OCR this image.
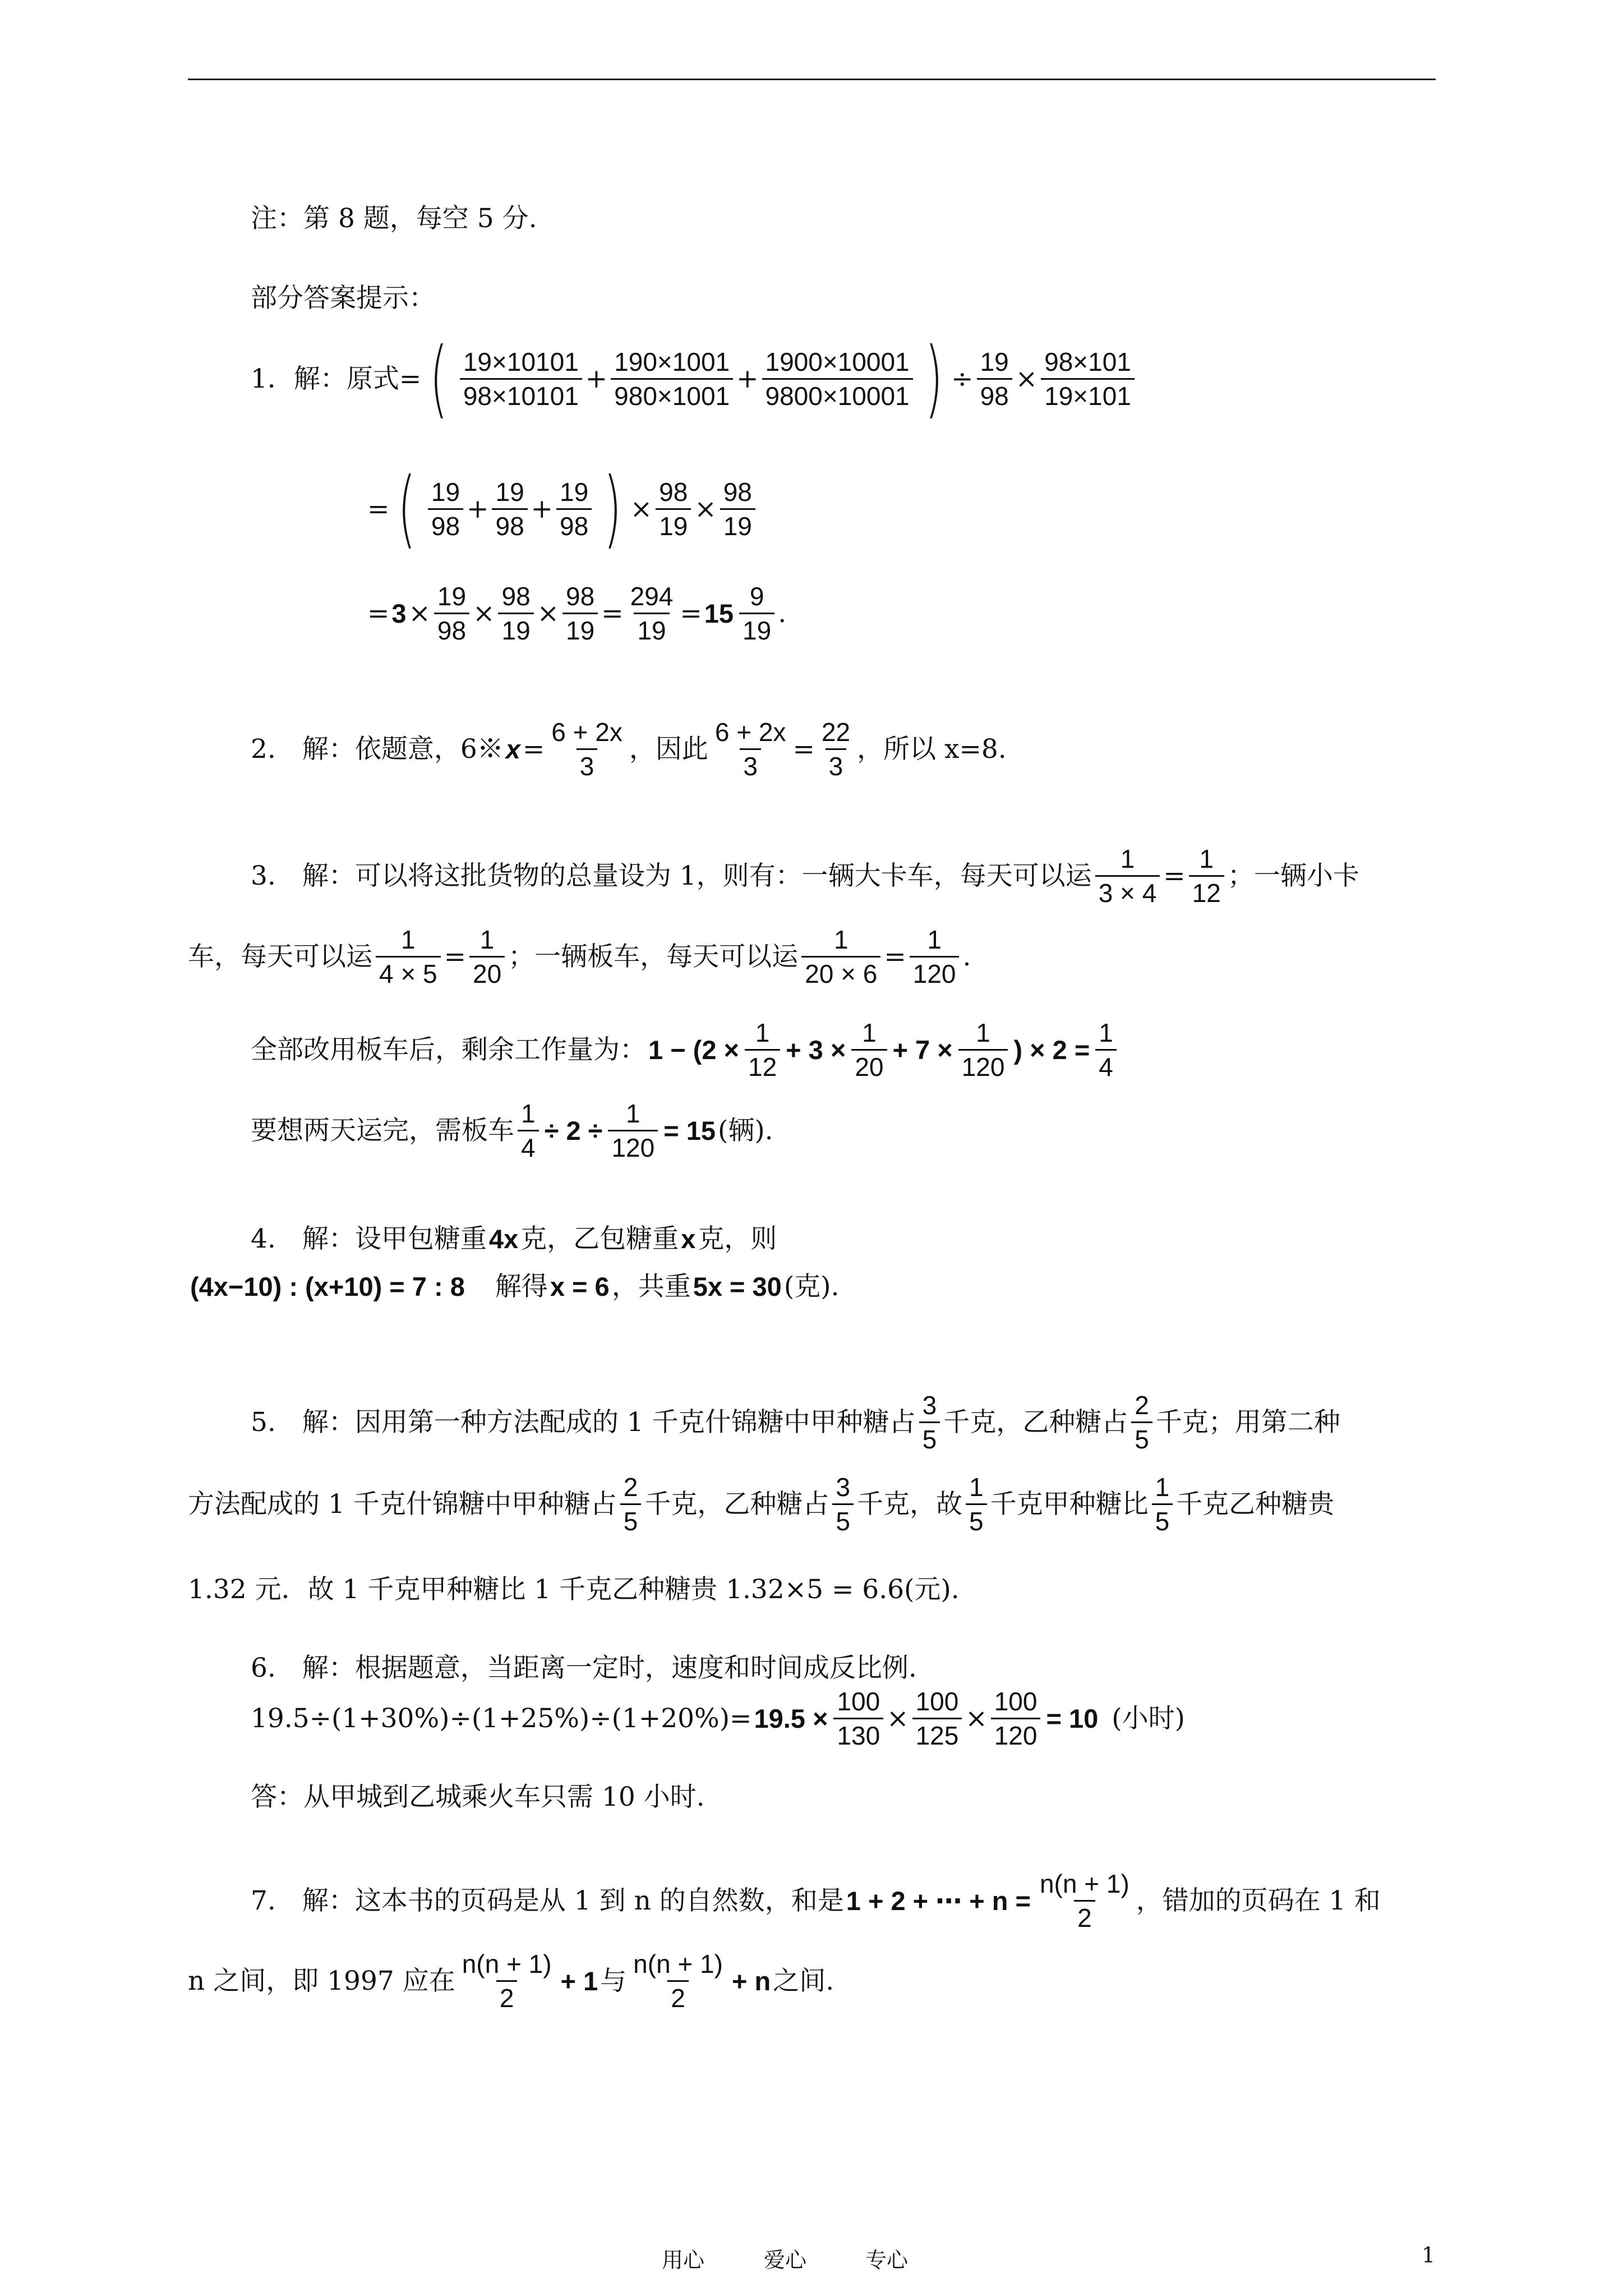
注：第 8 题，每空 5 分.
部分答案提示：
1．解：原式 = ( $\frac{19\times 10101}{98\times 10101} + \frac{190\times 1001}{980\times 1001} + \frac{1900\times 10001}{9800\times 10001}$ ) ÷ $\frac{19}{98} \times \frac{98\times 101}{19\times 101}$
= ( $\frac{19}{98} + \frac{19}{98} + \frac{19}{98}$ ) × $\frac{98}{19} \times \frac{98}{19}$
= $3 \times \frac{19}{98} \times \frac{98}{19} \times \frac{98}{19} = \frac{294}{19} = 15 \frac{9}{19}$ .
2.　解：依题意，6※ $x = \frac{6 + 2x}{3}$ ，因此 $\frac{6 + 2x}{3} = \frac{22}{3}$ ，所以 x=8.
3.　解：可以将这批货物的总量设为 1，则有：一辆大卡车，每天可以运 $\frac{1}{3 \times 4} = \frac{1}{12}$ ；一辆小卡
车，每天可以运 $\frac{1}{4 \times 5} = \frac{1}{20}$ ；一辆板车，每天可以运 $\frac{1}{20 \times 6} = \frac{1}{120}$ .
全部改用板车后，剩余工作量为： $1 - (2 \times \frac{1}{12} + 3 \times \frac{1}{20} + 7 \times \frac{1}{120}$ ) × $2 = \frac{1}{4}$
要想两天运完，需板车 $\frac{1}{4} \div 2 \div \frac{1}{120} = 15$ (辆).
4.　解：设甲包糖重 4x 克，乙包糖重 x 克，则
(4x−10) : (x+10) = 7 : 8 解得 x = 6 ，共重 5x = 30 (克).
5.　解：因用第一种方法配成的 1 千克什锦糖中甲种糖占 $\frac{3}{5}$ 千克，乙种糖占 $\frac{2}{5}$ 千克；用第二种
方法配成的 1 千克什锦糖中甲种糖占 $\frac{2}{5}$ 千克，乙种糖占 $\frac{3}{5}$ 千克，故 $\frac{1}{5}$ 千克甲种糖比 $\frac{1}{5}$ 千克乙种糖贵
1.32 元．故 1 千克甲种糖比 1 千克乙种糖贵 1.32×5 = 6.6(元).
6.　解：根据题意，当距离一定时，速度和时间成反比例.
$19.5\div(1+30\%)\div(1+25\%)\div(1+20\%)= 19.5 \times \frac{100}{130} \times \frac{100}{125} \times \frac{100}{120} = 10$ (小时)
答：从甲城到乙城乘火车只需 10 小时.
7.　解：这本书的页码是从 1 到 n 的自然数，和是 1 + 2 + ⋯ + $n = \frac{n(n + 1)}{2}$ ，错加的页码在 1 和
n 之间，即 1997 应在 $\frac{n(n + 1)}{2} + 1$ 与 $\frac{n(n + 1)}{2} + n$ 之间.
用心	爱心	专心	1
